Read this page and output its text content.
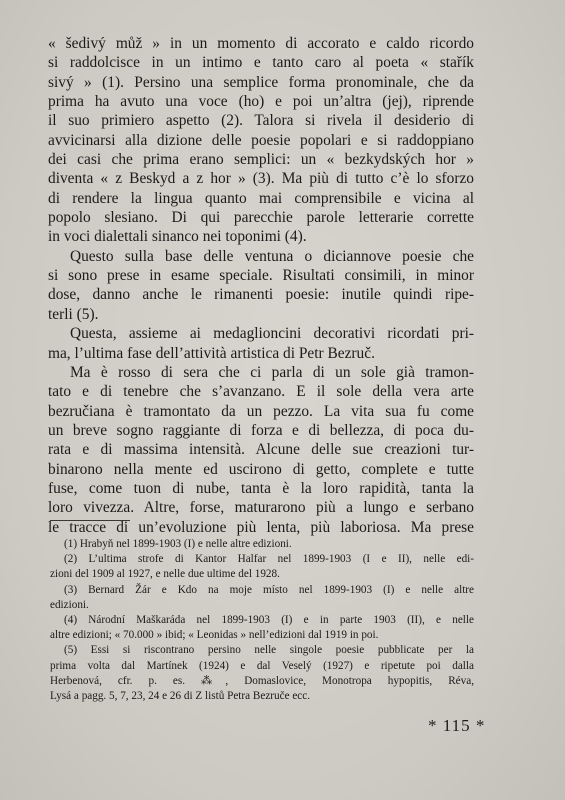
« šedivý můž » in un momento di accorato e caldo ricordo
si raddolcisce in un intimo e tanto caro al poeta « stařík
sivý » (1). Persino una semplice forma pronominale, che da
prima ha avuto una voce (ho) e poi un’altra (jej), riprende
il suo primiero aspetto (2). Talora si rivela il desiderio di
avvicinarsi alla dizione delle poesie popolari e si raddoppiano
dei casi che prima erano semplici: un « bezkydských hor »
diventa « z Beskyd a z hor » (3). Ma più di tutto c’è lo sforzo
di rendere la lingua quanto mai comprensibile e vicina al
popolo slesiano. Di qui parecchie parole letterarie corrette
in voci dialettali sinanco nei toponimi (4).
Questo sulla base delle ventuna o diciannove poesie che
si sono prese in esame speciale. Risultati consimili, in minor
dose, danno anche le rimanenti poesie: inutile quindi ripe-
terli (5).
Questa, assieme ai medaglioncini decorativi ricordati pri-
ma, l’ultima fase dell’attività artistica di Petr Bezruč.
Ma è rosso di sera che ci parla di un sole già tramon-
tato e di tenebre che s’avanzano. E il sole della vera arte
bezručiana è tramontato da un pezzo. La vita sua fu come
un breve sogno raggiante di forza e di bellezza, di poca du-
rata e di massima intensità. Alcune delle sue creazioni tur-
binarono nella mente ed uscirono di getto, complete e tutte
fuse, come tuon di nube, tanta è la loro rapidità, tanta la
loro vivezza. Altre, forse, maturarono più a lungo e serbano
le tracce di un’evoluzione più lenta, più laboriosa. Ma prese
(1) Hrabyň nel 1899-1903 (I) e nelle altre edizioni.
(2) L’ultima strofe di Kantor Halfar nel 1899-1903 (I e II), nelle edi-
zioni del 1909 al 1927, e nelle due ultime del 1928.
(3) Bernard Žár e Kdo na moje místo nel 1899-1903 (I) e nelle altre
edizioni.
(4) Národní Maškaráda nel 1899-1903 (I) e in parte 1903 (II), e nelle
altre edizioni; « 70.000 » ibid; « Leonidas » nell’edizioni dal 1919 in poi.
(5) Essi si riscontrano persino nelle singole poesie pubblicate per la
prima volta dal Martínek (1924) e dal Veselý (1927) e ripetute poi dalla
Herbenová, cfr. p. es. ⁂, Domaslovice, Monotropa hypopitis, Réva,
Lysá a pagg. 5, 7, 23, 24 e 26 di Z listů Petra Bezruče ecc.
* 115 *
